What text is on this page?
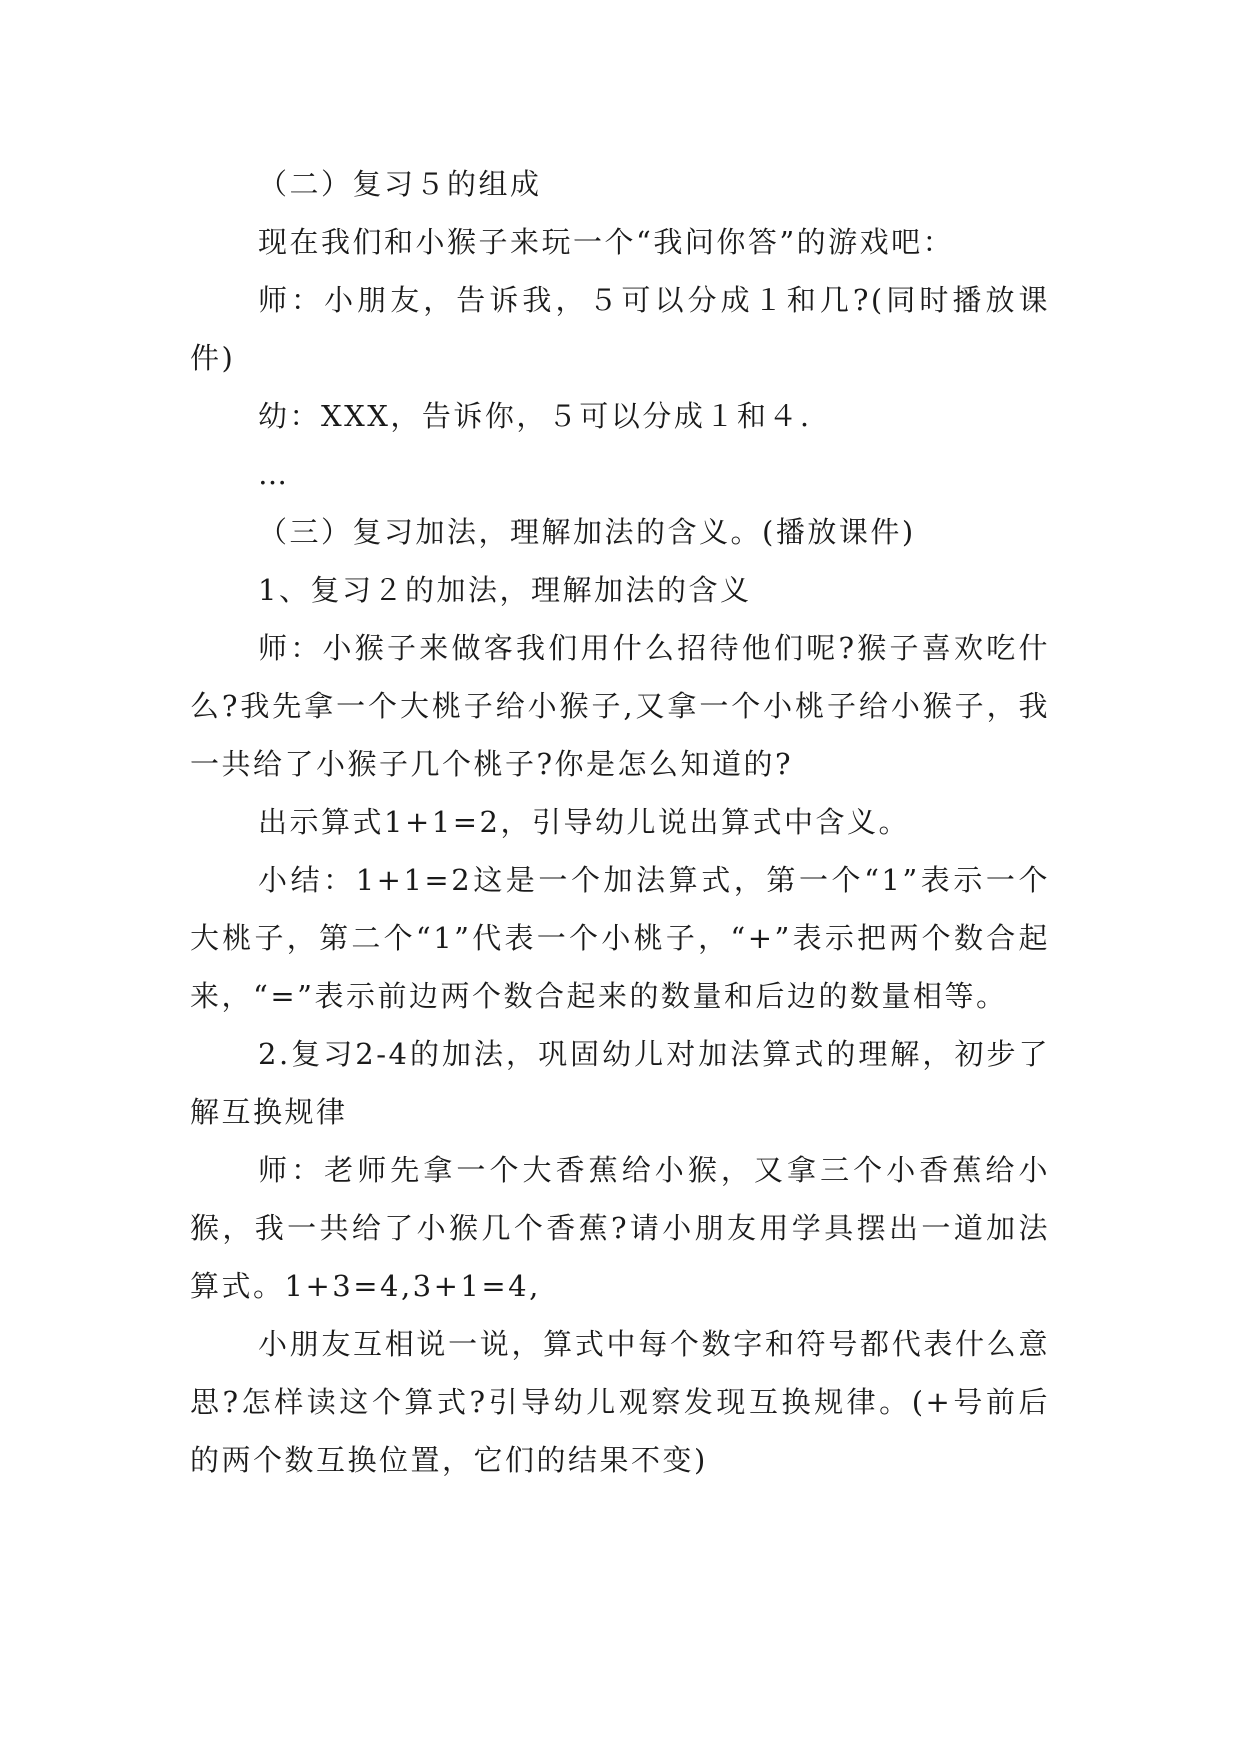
（二）复习５的组成

现在我们和小猴子来玩一个“我问你答”的游戏吧：

师：小朋友，告诉我，５可以分成１和几?(同时播放课件)

幼：XXX，告诉你，５可以分成１和４.

…

（三）复习加法，理解加法的含义。(播放课件)

1、复习２的加法，理解加法的含义

师：小猴子来做客我们用什么招待他们呢?猴子喜欢吃什么?我先拿一个大桃子给小猴子,又拿一个小桃子给小猴子，我一共给了小猴子几个桃子?你是怎么知道的?

出示算式1+1=2，引导幼儿说出算式中含义。

小结：1+1=2这是一个加法算式，第一个“1”表示一个大桃子，第二个“1”代表一个小桃子，“+”表示把两个数合起来，“=”表示前边两个数合起来的数量和后边的数量相等。

2.复习2-4的加法，巩固幼儿对加法算式的理解，初步了解互换规律

师：老师先拿一个大香蕉给小猴，又拿三个小香蕉给小猴，我一共给了小猴几个香蕉?请小朋友用学具摆出一道加法算式。1+3=4,3+1=4,

小朋友互相说一说，算式中每个数字和符号都代表什么意思?怎样读这个算式?引导幼儿观察发现互换规律。(+号前后的两个数互换位置，它们的结果不变)
